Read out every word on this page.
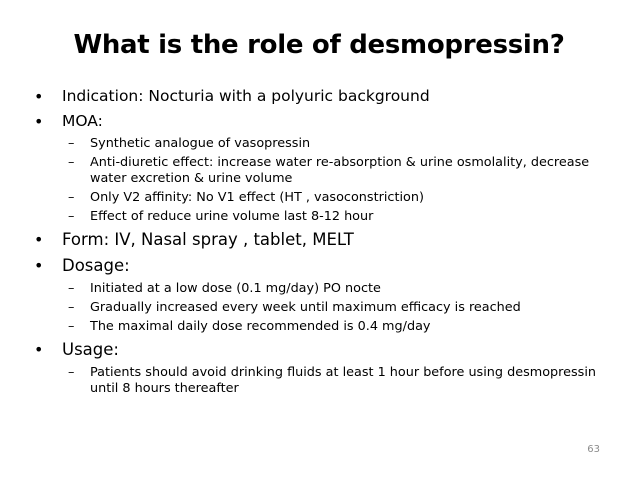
What is the role of desmopressin?
•	Indication: Nocturia with a polyuric background
•	MOA:
–	Synthetic analogue of vasopressin
–	Anti-diuretic effect: increase water re-absorption & urine osmolality, decrease water excretion & urine volume
–	Only V2 affinity: No V1 effect (HT , vasoconstriction)
–	Effect of reduce urine volume last 8-12 hour
•	Form: IV, Nasal spray , tablet, MELT
•	Dosage:
–	Initiated at a low dose (0.1 mg/day) PO nocte
–	Gradually increased every week until maximum efficacy is reached
–	The maximal daily dose recommended is 0.4 mg/day
•	Usage:
–	Patients should avoid drinking fluids at least 1 hour before using desmopressin until 8 hours thereafter
63
